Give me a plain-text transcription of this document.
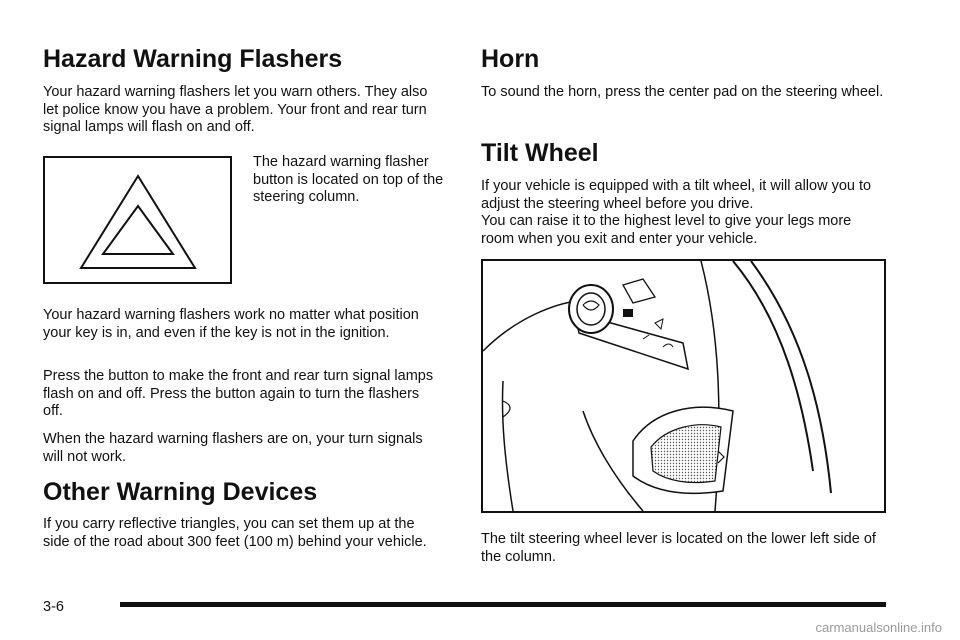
Hazard Warning Flashers

Your hazard warning flashers let you warn others. They also let police know you have a problem. Your front and rear turn signal lamps will flash on and off.

The hazard warning flasher button is located on top of the steering column.

Your hazard warning flashers work no matter what position your key is in, and even if the key is not in the ignition.

Press the button to make the front and rear turn signal lamps flash on and off. Press the button again to turn the flashers off.

When the hazard warning flashers are on, your turn signals will not work.

Other Warning Devices

If you carry reflective triangles, you can set them up at the side of the road about 300 feet (100 m) behind your vehicle.

Horn

To sound the horn, press the center pad on the steering wheel.

Tilt Wheel

If your vehicle is equipped with a tilt wheel, it will allow you to adjust the steering wheel before you drive.

You can raise it to the highest level to give your legs more room when you exit and enter your vehicle.

The tilt steering wheel lever is located on the lower left side of the column.

3-6
carmanualsonline.info
